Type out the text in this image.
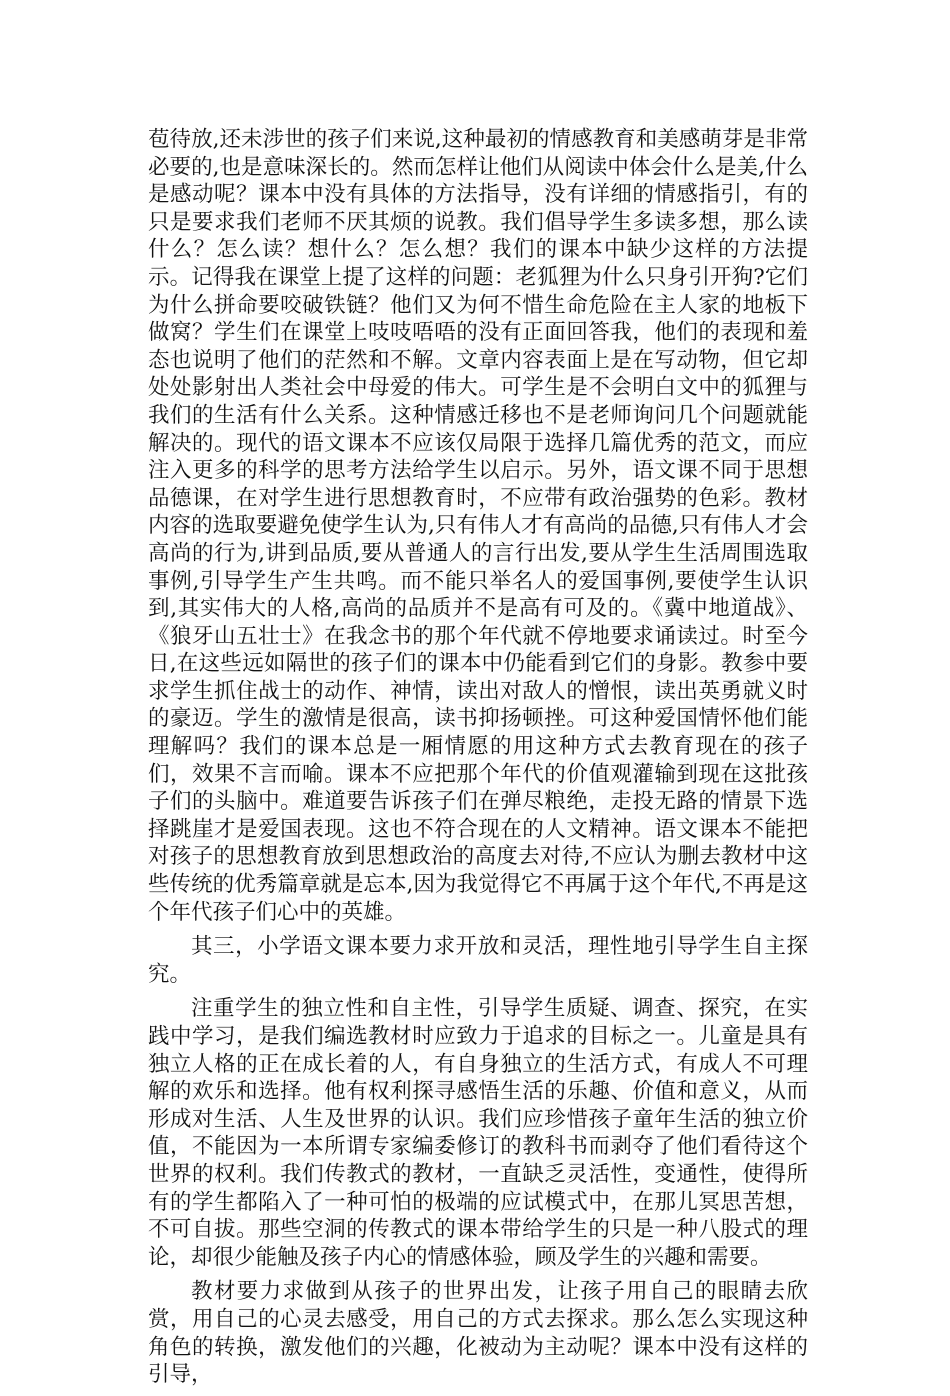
苞待放,还未涉世的孩子们来说,这种最初的情感教育和美感萌芽是非常必要的,也是意味深长的。然而怎样让他们从阅读中体会什么是美,什么是感动呢？课本中没有具体的方法指导，没有详细的情感指引，有的只是要求我们老师不厌其烦的说教。我们倡导学生多读多想，那么读什么？怎么读？想什么？怎么想？我们的课本中缺少这样的方法提示。记得我在课堂上提了这样的问题：老狐狸为什么只身引开狗?它们为什么拼命要咬破铁链？他们又为何不惜生命危险在主人家的地板下做窝？学生们在课堂上吱吱唔唔的没有正面回答我，他们的表现和羞态也说明了他们的茫然和不解。文章内容表面上是在写动物，但它却处处影射出人类社会中母爱的伟大。可学生是不会明白文中的狐狸与我们的生活有什么关系。这种情感迁移也不是老师询问几个问题就能解决的。现代的语文课本不应该仅局限于选择几篇优秀的范文，而应注入更多的科学的思考方法给学生以启示。另外，语文课不同于思想品德课，在对学生进行思想教育时，不应带有政治强势的色彩。教材内容的选取要避免使学生认为,只有伟人才有高尚的品德,只有伟人才会高尚的行为,讲到品质,要从普通人的言行出发,要从学生生活周围选取事例,引导学生产生共鸣。而不能只举名人的爱国事例,要使学生认识到,其实伟大的人格,高尚的品质并不是高有可及的。《冀中地道战》、《狼牙山五壮士》在我念书的那个年代就不停地要求诵读过。时至今日,在这些远如隔世的孩子们的课本中仍能看到它们的身影。教参中要求学生抓住战士的动作、神情，读出对敌人的憎恨，读出英勇就义时的豪迈。学生的激情是很高，读书抑扬顿挫。可这种爱国情怀他们能理解吗？我们的课本总是一厢情愿的用这种方式去教育现在的孩子们，效果不言而喻。课本不应把那个年代的价值观灌输到现在这批孩子们的头脑中。难道要告诉孩子们在弹尽粮绝，走投无路的情景下选择跳崖才是爱国表现。这也不符合现在的人文精神。语文课本不能把对孩子的思想教育放到思想政治的高度去对待,不应认为删去教材中这些传统的优秀篇章就是忘本,因为我觉得它不再属于这个年代,不再是这个年代孩子们心中的英雄。

其三，小学语文课本要力求开放和灵活，理性地引导学生自主探究。

注重学生的独立性和自主性，引导学生质疑、调查、探究，在实践中学习，是我们编选教材时应致力于追求的目标之一。儿童是具有独立人格的正在成长着的人，有自身独立的生活方式，有成人不可理解的欢乐和选择。他有权利探寻感悟生活的乐趣、价值和意义，从而形成对生活、人生及世界的认识。我们应珍惜孩子童年生活的独立价值，不能因为一本所谓专家编委修订的教科书而剥夺了他们看待这个世界的权利。我们传教式的教材，一直缺乏灵活性，变通性，使得所有的学生都陷入了一种可怕的极端的应试模式中，在那儿冥思苦想，不可自拔。那些空洞的传教式的课本带给学生的只是一种八股式的理论，却很少能触及孩子内心的情感体验，顾及学生的兴趣和需要。

教材要力求做到从孩子的世界出发，让孩子用自己的眼睛去欣赏，用自己的心灵去感受，用自己的方式去探求。那么怎么实现这种角色的转换，激发他们的兴趣，化被动为主动呢？课本中没有这样的引导，
